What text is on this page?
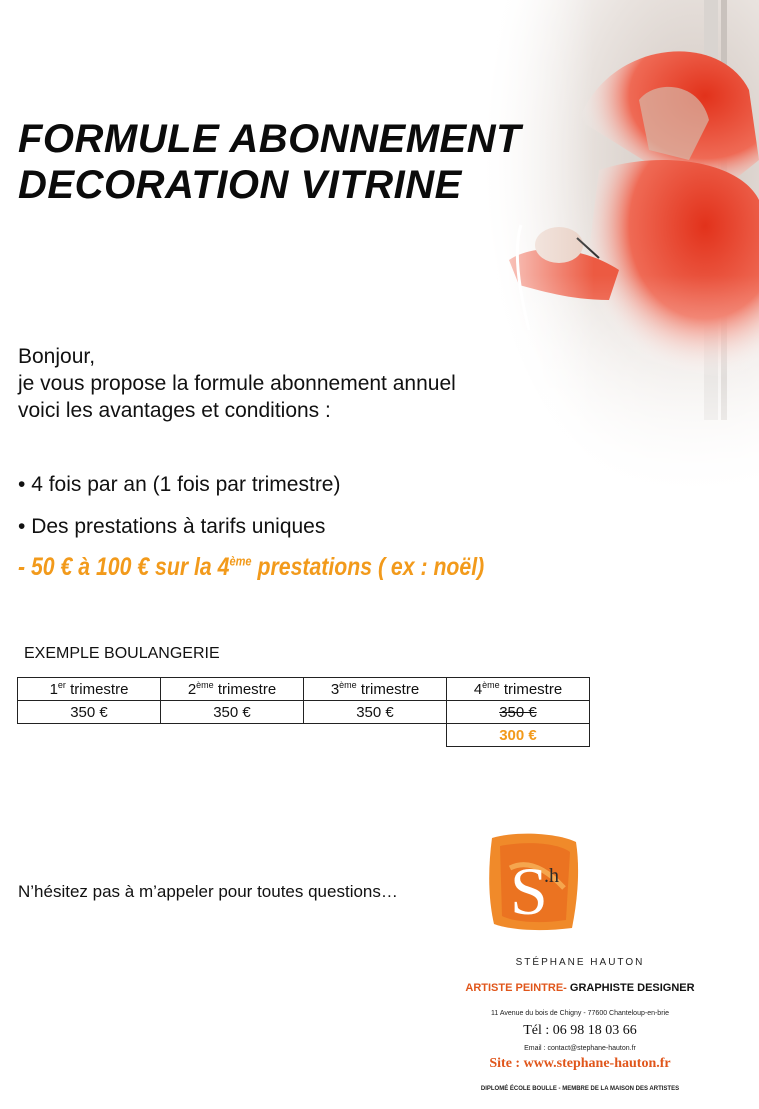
FORMULE ABONNEMENT
DECORATION VITRINE
Bonjour,
je vous propose la formule abonnement annuel
voici les avantages et conditions :
• 4 fois par an (1 fois par trimestre)
• Des prestations à tarifs uniques
- 50 € à 100 € sur la 4ème prestations ( ex : noël)
EXEMPLE BOULANGERIE
1er trimestre	2ème trimestre	3ème trimestre	4ème trimestre
350 €	350 €	350 €	350 €
			300 €
N’hésitez pas à m’appeler pour toutes questions… S
.h
STÉPHANE HAUTON
ARTISTE PEINTRE- GRAPHISTE DESIGNER
11 Avenue du bois de Chigny - 77600 Chanteloup-en-brie
Tél : 06 98 18 03 66
Email : contact@stephane-hauton.fr
Site : www.stephane-hauton.fr
DIPLOMÉ ÉCOLE BOULLE - MEMBRE DE LA MAISON DES ARTISTES
